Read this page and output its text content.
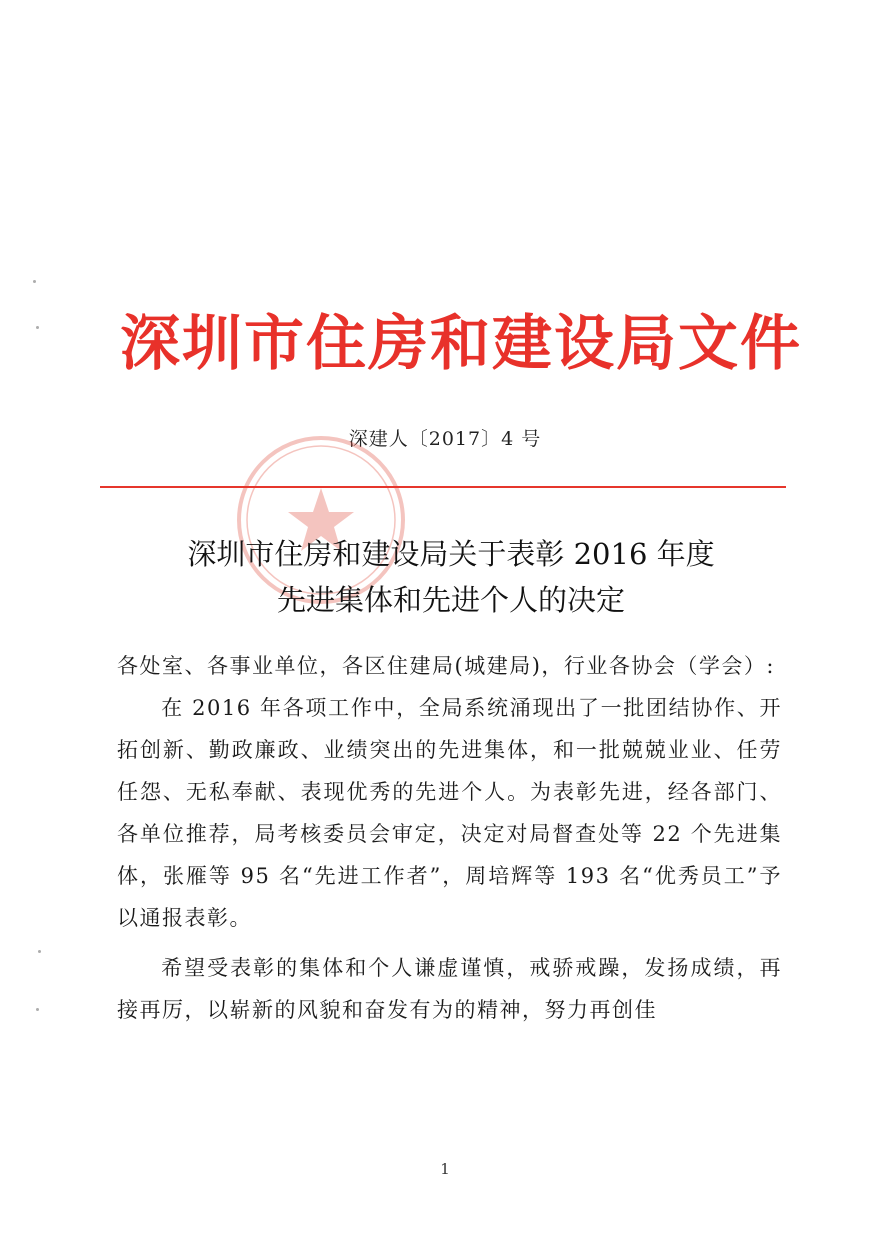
深圳市住房和建设局文件
深建人〔2017〕4 号
深圳市住房和建设局关于表彰 2016 年度
先进集体和先进个人的决定

各处室、各事业单位，各区住建局(城建局)，行业各协会（学会）:

在 2016 年各项工作中，全局系统涌现出了一批团结协作、开拓创新、勤政廉政、业绩突出的先进集体，和一批兢兢业业、任劳任怨、无私奉献、表现优秀的先进个人。为表彰先进，经各部门、各单位推荐，局考核委员会审定，决定对局督查处等 22 个先进集体，张雁等 95 名“先进工作者”，周培辉等 193 名“优秀员工”予以通报表彰。

希望受表彰的集体和个人谦虚谨慎，戒骄戒躁，发扬成绩，再接再厉，以崭新的风貌和奋发有为的精神，努力再创佳

1
